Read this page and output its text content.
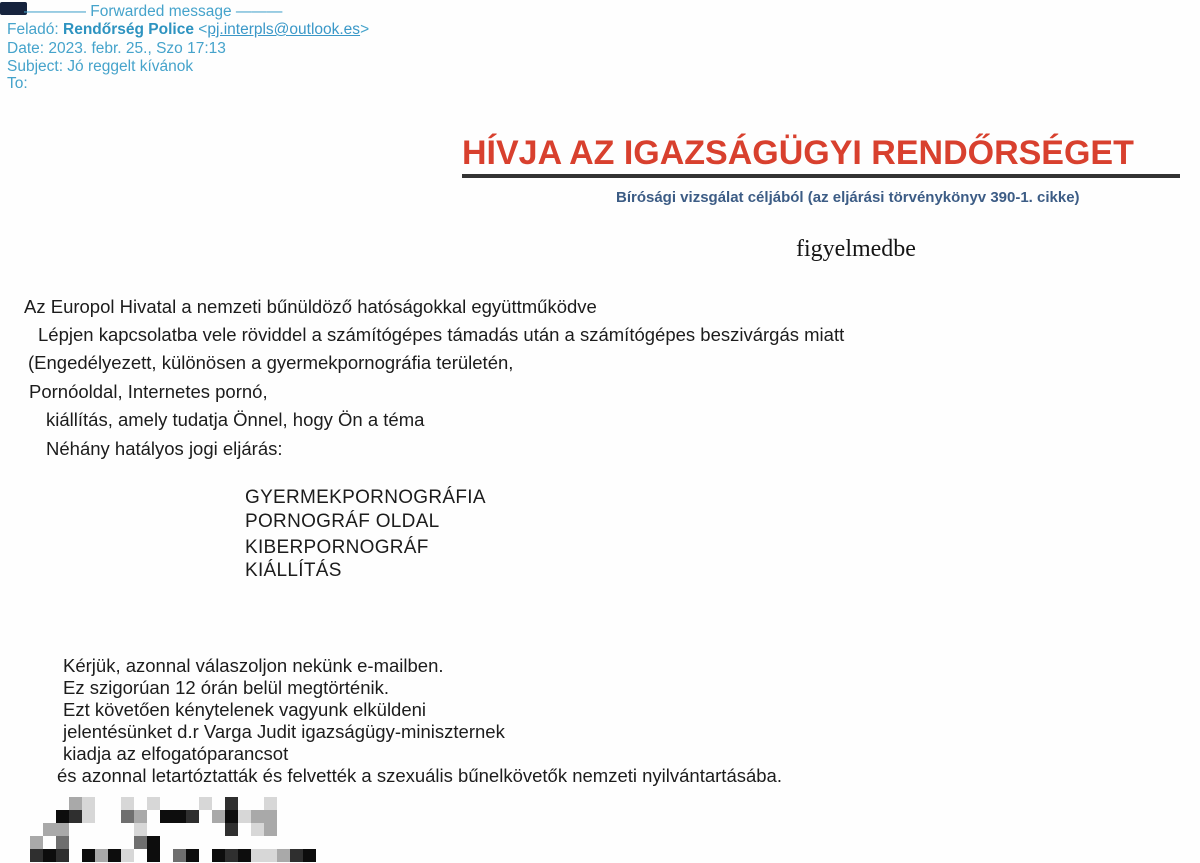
———— Forwarded message ———
Feladó: Rendőrség Police <pj.interpls@outlook.es>
Date: 2023. febr. 25., Szo 17:13
Subject: Jó reggelt kívánok
To:
HÍVJA AZ IGAZSÁGÜGYI RENDŐRSÉGET
Bírósági vizsgálat céljából (az eljárási törvénykönyv 390-1. cikke)
figyelmedbe
Az Europol Hivatal a nemzeti bűnüldöző hatóságokkal együttműködve
Lépjen kapcsolatba vele röviddel a számítógépes támadás után a számítógépes beszivárgás miatt
(Engedélyezett, különösen a gyermekpornográfia területén,
Pornóoldal, Internetes pornó,
kiállítás, amely tudatja Önnel, hogy Ön a téma
Néhány hatályos jogi eljárás:
GYERMEKPORNOGRÁFIA
PORNOGRÁF OLDAL
KIBERPORNOGRÁF
KIÁLLÍTÁS
Kérjük, azonnal válaszoljon nekünk e-mailben.
Ez szigorúan 12 órán belül megtörténik.
Ezt követően kénytelenek vagyunk elküldeni
jelentésünket d.r Varga Judit igazságügy-miniszternek
kiadja az elfogatóparancsot
és azonnal letartóztatták és felvették a szexuális bűnelkövetők nemzeti nyilvántartásába.
